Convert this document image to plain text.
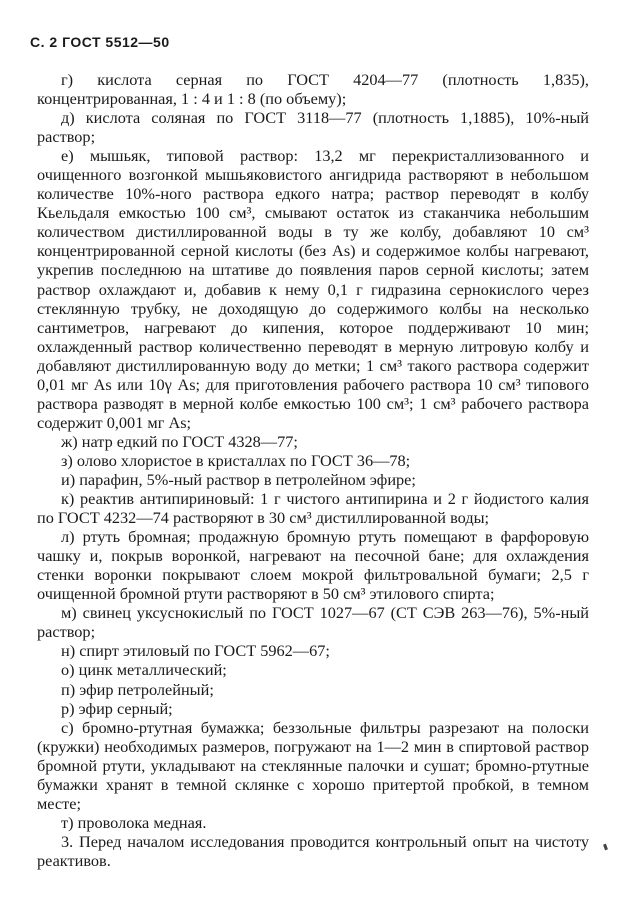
С. 2 ГОСТ 5512—50

г) кислота серная по ГОСТ 4204—77 (плотность 1,835), концентрированная, 1 : 4 и 1 : 8 (по объему);

д) кислота соляная по ГОСТ 3118—77 (плотность 1,1885), 10%-ный раствор;

е) мышьяк, типовой раствор: 13,2 мг перекристаллизованного и очищенного возгонкой мышьяковистого ангидрида растворяют в небольшом количестве 10%-ного раствора едкого натра; раствор переводят в колбу Кьельдаля емкостью 100 см³, смывают остаток из стаканчика небольшим количеством дистиллированной воды в ту же колбу, добавляют 10 см³ концентрированной серной кислоты (без As) и содержимое колбы нагревают, укрепив последнюю на штативе до появления паров серной кислоты; затем раствор охлаждают и, добавив к нему 0,1 г гидразина сернокислого через стеклянную трубку, не доходящую до содержимого колбы на несколько сантиметров, нагревают до кипения, которое поддерживают 10 мин; охлажденный раствор количественно переводят в мерную литровую колбу и добавляют дистиллированную воду до метки; 1 см³ такого раствора содержит 0,01 мг As или 10γ As; для приготовления рабочего раствора 10 см³ типового раствора разводят в мерной колбе емкостью 100 см³; 1 см³ рабочего раствора содержит 0,001 мг As;

ж) натр едкий по ГОСТ 4328—77;

з) олово хлористое в кристаллах по ГОСТ 36—78;

и) парафин, 5%-ный раствор в петролейном эфире;

к) реактив антипириновый: 1 г чистого антипирина и 2 г йодистого калия по ГОСТ 4232—74 растворяют в 30 см³ дистиллированной воды;

л) ртуть бромная; продажную бромную ртуть помещают в фарфоровую чашку и, покрыв воронкой, нагревают на песочной бане; для охлаждения стенки воронки покрывают слоем мокрой фильтровальной бумаги; 2,5 г очищенной бромной ртути растворяют в 50 см³ этилового спирта;

м) свинец уксуснокислый по ГОСТ 1027—67 (СТ СЭВ 263—76), 5%-ный раствор;

н) спирт этиловый по ГОСТ 5962—67;

о) цинк металлический;

п) эфир петролейный;

р) эфир серный;

с) бромно-ртутная бумажка; беззольные фильтры разрезают на полоски (кружки) необходимых размеров, погружают на 1—2 мин в спиртовой раствор бромной ртути, укладывают на стеклянные палочки и сушат; бромно-ртутные бумажки хранят в темной склянке с хорошо притертой пробкой, в темном месте;

т) проволока медная.

3. Перед началом исследования проводится контрольный опыт на чистоту реактивов.
